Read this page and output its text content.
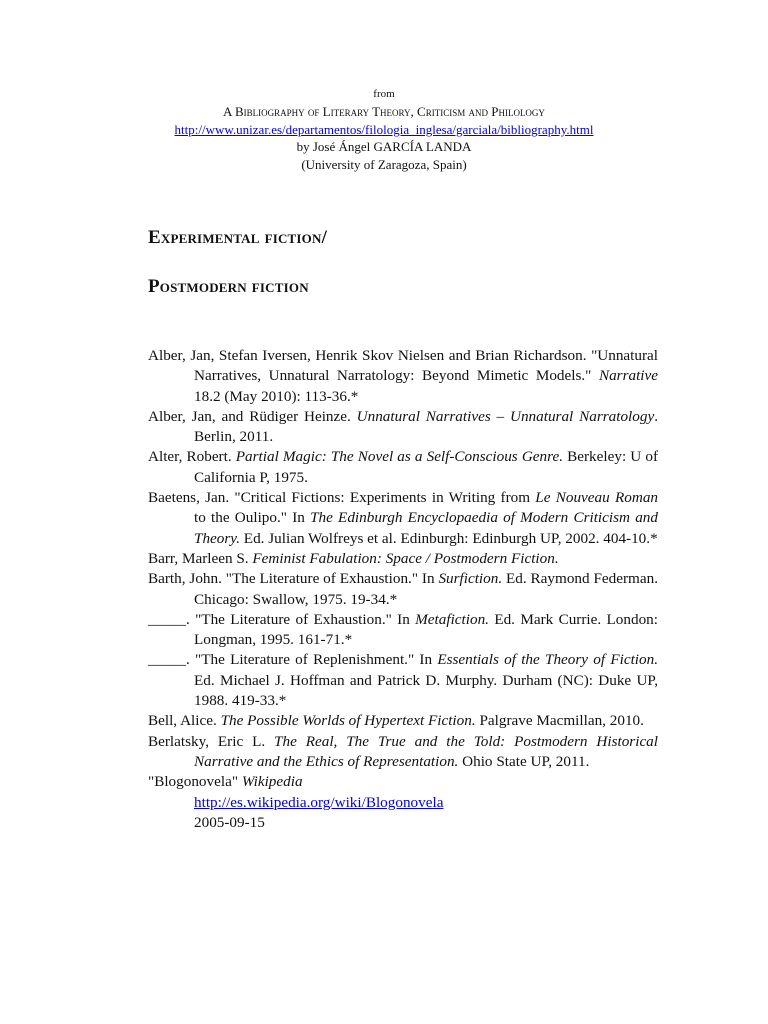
from
A Bibliography of Literary Theory, Criticism and Philology
http://www.unizar.es/departamentos/filologia_inglesa/garciala/bibliography.html
by José Ángel GARCÍA LANDA
(University of Zaragoza, Spain)
Experimental fiction/
Postmodern fiction

Alber, Jan, Stefan Iversen, Henrik Skov Nielsen and Brian Richardson. "Unnatural Narratives, Unnatural Narratology: Beyond Mimetic Models." Narrative 18.2 (May 2010): 113-36.*

Alber, Jan, and Rüdiger Heinze. Unnatural Narratives – Unnatural Narratology. Berlin, 2011.

Alter, Robert. Partial Magic: The Novel as a Self-Conscious Genre. Berkeley: U of California P, 1975.

Baetens, Jan. "Critical Fictions: Experiments in Writing from Le Nouveau Roman to the Oulipo." In The Edinburgh Encyclopaedia of Modern Criticism and Theory. Ed. Julian Wolfreys et al. Edinburgh: Edinburgh UP, 2002. 404-10.*

Barr, Marleen S. Feminist Fabulation: Space / Postmodern Fiction.

Barth, John. "The Literature of Exhaustion." In Surfiction. Ed. Raymond Federman. Chicago: Swallow, 1975. 19-34.*

_____. "The Literature of Exhaustion." In Metafiction. Ed. Mark Currie. London: Longman, 1995. 161-71.*

_____. "The Literature of Replenishment." In Essentials of the Theory of Fiction. Ed. Michael J. Hoffman and Patrick D. Murphy. Durham (NC): Duke UP, 1988. 419-33.*

Bell, Alice. The Possible Worlds of Hypertext Fiction. Palgrave Macmillan, 2010.

Berlatsky, Eric L. The Real, The True and the Told: Postmodern Historical Narrative and the Ethics of Representation. Ohio State UP, 2011.

"Blogonovela" Wikipedia

http://es.wikipedia.org/wiki/Blogonovela

2005-09-15
